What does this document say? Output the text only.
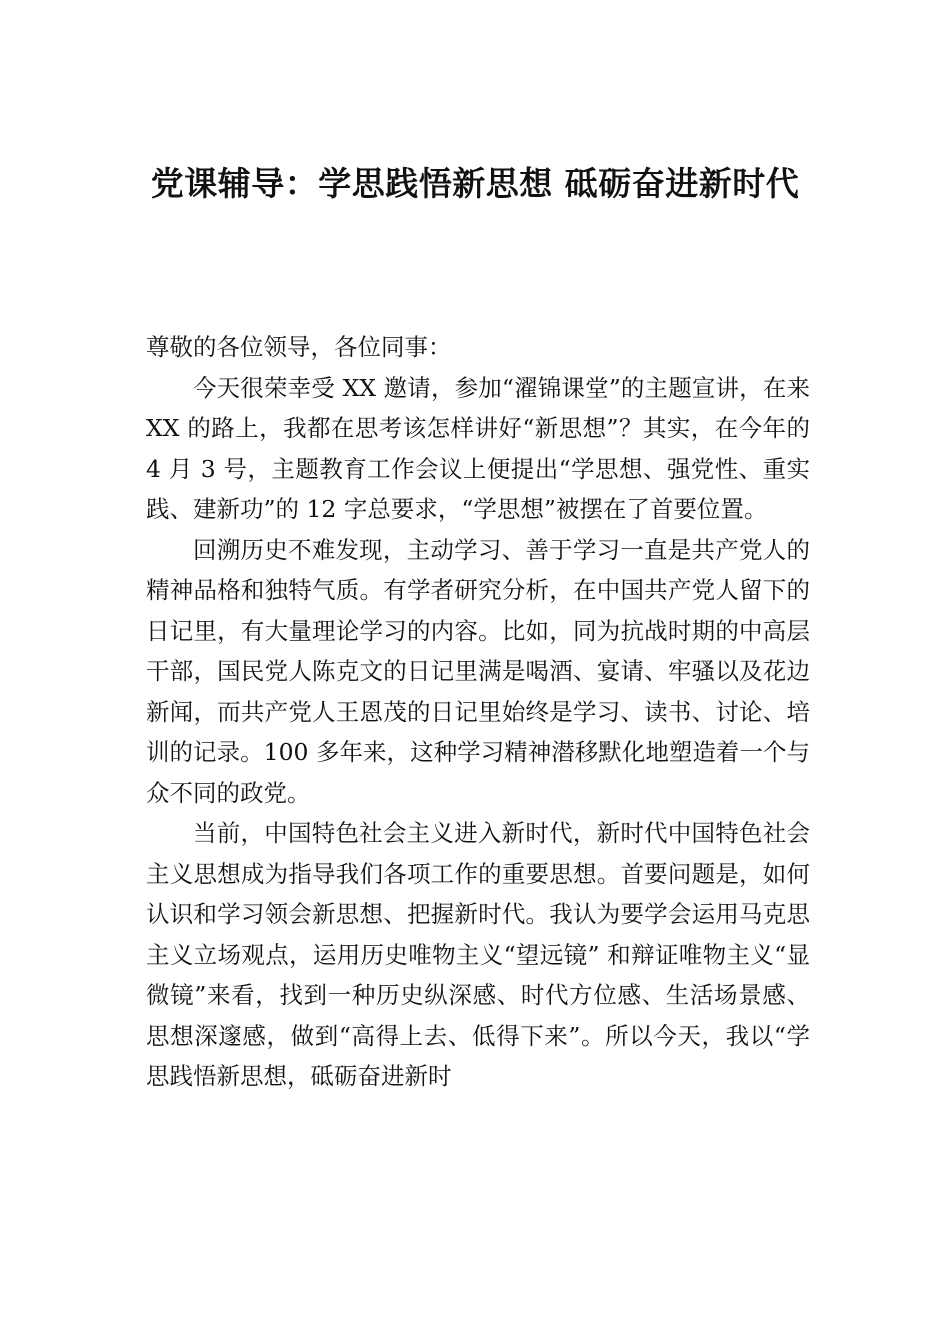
党课辅导：学思践悟新思想 砥砺奋进新时代

尊敬的各位领导，各位同事：

今天很荣幸受 XX 邀请，参加“濯锦课堂”的主题宣讲，在来 XX 的路上，我都在思考该怎样讲好“新思想”？其实，在今年的 4 月 3 号，主题教育工作会议上便提出“学思想、强党性、重实践、建新功”的 12 字总要求，“学思想”被摆在了首要位置。

回溯历史不难发现，主动学习、善于学习一直是共产党人的精神品格和独特气质。有学者研究分析，在中国共产党人留下的日记里，有大量理论学习的内容。比如，同为抗战时期的中高层干部，国民党人陈克文的日记里满是喝酒、宴请、牢骚以及花边新闻，而共产党人王恩茂的日记里始终是学习、读书、讨论、培训的记录。100 多年来，这种学习精神潜移默化地塑造着一个与众不同的政党。

当前，中国特色社会主义进入新时代，新时代中国特色社会主义思想成为指导我们各项工作的重要思想。首要问题是，如何认识和学习领会新思想、把握新时代。我认为要学会运用马克思主义立场观点，运用历史唯物主义“望远镜” 和辩证唯物主义“显微镜”来看，找到一种历史纵深感、时代方位感、生活场景感、思想深邃感，做到“高得上去、低得下来”。所以今天，我以“学思践悟新思想，砥砺奋进新时
